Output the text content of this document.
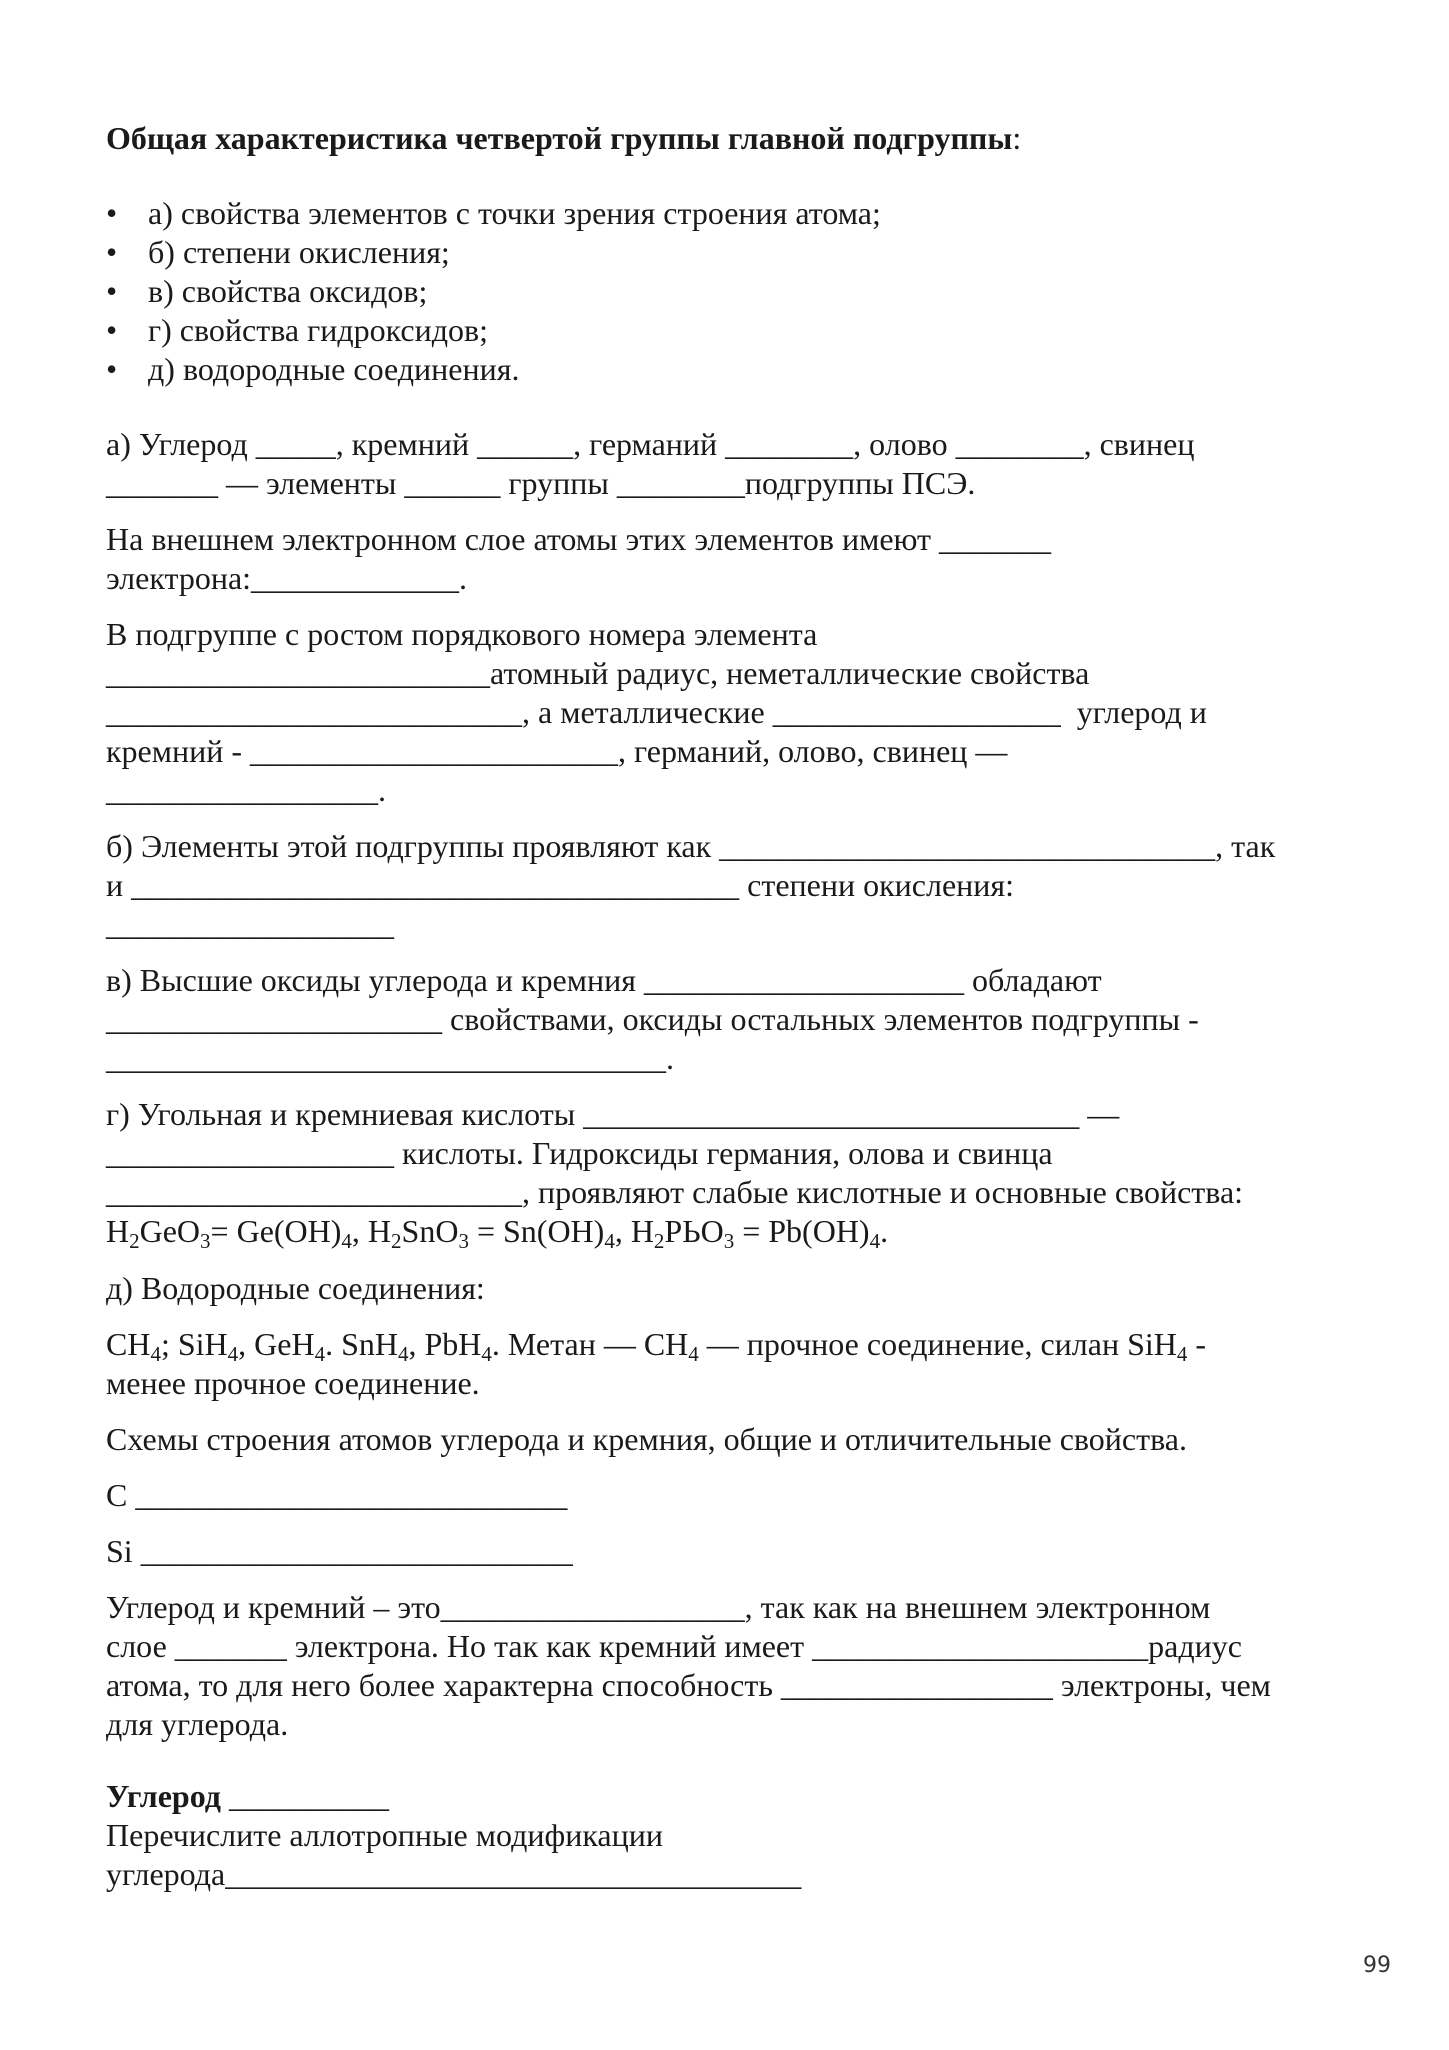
Общая характеристика четвертой группы главной подгруппы:
• а) свойства элементов с точки зрения строения атома;
• б) степени окисления;
• в) свойства оксидов;
• г) свойства гидроксидов;
• д) водородные соединения.
а) Углерод _____, кремний ______, германий ________, олово ________, свинец
_______ — элементы ______ группы ________подгруппы ПСЭ.
На внешнем электронном слое атомы этих элементов имеют _______
электрона:_____________.
В подгруппе с ростом порядкового номера элемента
________________________атомный радиус, неметаллические свойства
__________________________, а металлические __________________  углерод и
кремний - _______________________, германий, олово, свинец —
_________________.
б) Элементы этой подгруппы проявляют как _______________________________, так
и ______________________________________ степени окисления:
__________________
в) Высшие оксиды углерода и кремния ____________________ обладают
_____________________ свойствами, оксиды остальных элементов подгруппы -
___________________________________.
г) Угольная и кремниевая кислоты _______________________________ —
__________________ кислоты. Гидроксиды германия, олова и свинца
__________________________, проявляют слабые кислотные и основные свойства:
$H_2GeO_3= Ge(OH)_4$, $H_2SnO_3 = Sn(OH)_4$, $H_2PЬO_3 = Pb(OH)_4$.
д) Водородные соединения:
$CH_4$; SiH$_4$, GeH$_4$. SnH$_4$, PbH$_4$. Метан — $CH_4$ — прочное соединение, силан SiH$_4$ -
менее прочное соединение.
Схемы строения атомов углерода и кремния, общие и отличительные свойства.
C ___________________________
Si ___________________________
Углерод и кремний – это___________________, так как на внешнем электронном
слое _______ электрона. Но так как кремний имеет _____________________радиус
атома, то для него более характерна способность _________________ электроны, чем
для углерода.
Углерод __________
Перечислите аллотропные модификации
углерода____________________________________
99
